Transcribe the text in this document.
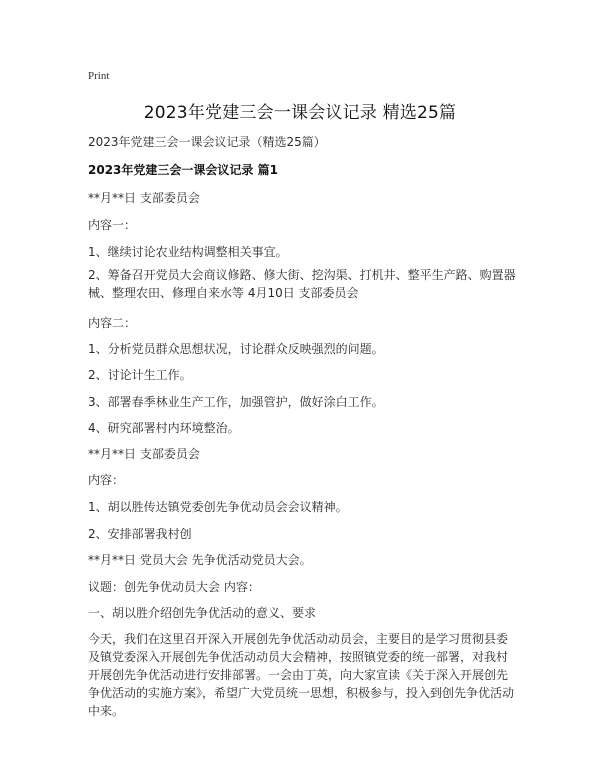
Print
2023年党建三会一课会议记录 精选25篇
2023年党建三会一课会议记录（精选25篇）
2023年党建三会一课会议记录 篇1
**月**日 支部委员会
内容一：
1、继续讨论农业结构调整相关事宜。
2、筹备召开党员大会商议修路、修大街、挖沟渠、打机井、整平生产路、购置器械、整理农田、修理自来水等 4月10日 支部委员会
内容二：
1、分析党员群众思想状况，讨论群众反映强烈的问题。
2、讨论计生工作。
3、部署春季林业生产工作，加强管护，做好涂白工作。
4、研究部署村内环境整治。
**月**日 支部委员会
内容：
1、胡以胜传达镇党委创先争优动员会会议精神。
2、安排部署我村创
**月**日 党员大会 先争优活动党员大会。
议题：创先争优动员大会 内容：
一、胡以胜介绍创先争优活动的意义、要求
今天，我们在这里召开深入开展创先争优活动动员会，主要目的是学习贯彻县委及镇党委深入开展创先争优活动动员大会精神，按照镇党委的统一部署，对我村开展创先争优活动进行安排部署。一会由丁英，向大家宣读《关于深入开展创先争优活动的实施方案》，希望广大党员统一思想，积极参与，投入到创先争优活动中来。
